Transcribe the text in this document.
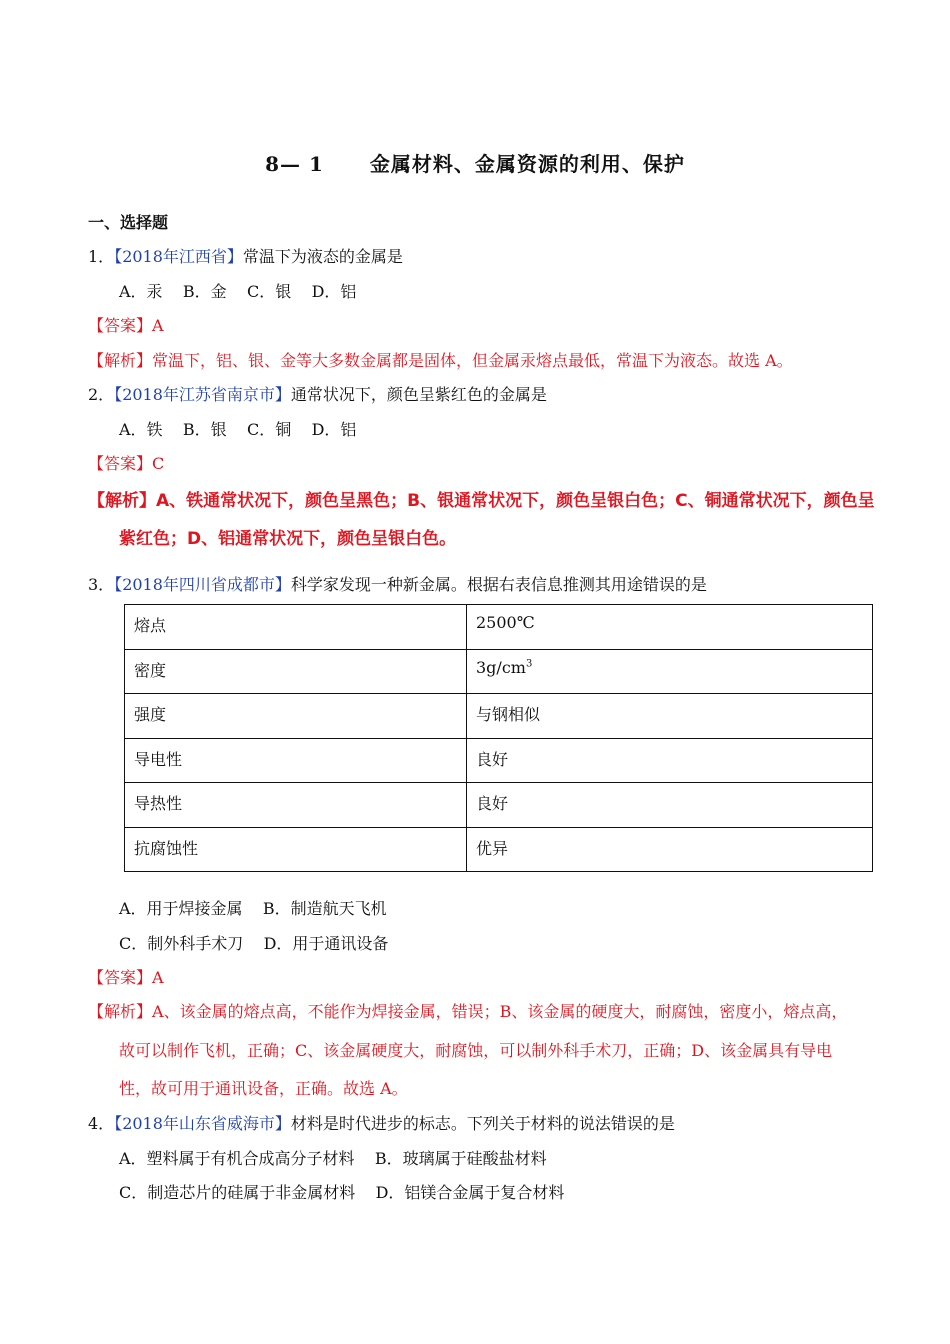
8— 1 金属材料、金属资源的利用、保护
一、选择题
1．【2018年江西省】常温下为液态的金属是
A．汞    B．金    C．银    D．铝
【答案】A
【解析】常温下，铝、银、金等大多数金属都是固体，但金属汞熔点最低，常温下为液态。故选 A。
2．【2018年江苏省南京市】通常状况下，颜色呈紫红色的金属是
A．铁    B．银    C．铜    D．铝
【答案】C
【解析】A、铁通常状况下，颜色呈黑色；B、银通常状况下，颜色呈银白色；C、铜通常状况下，颜色呈
紫红色；D、铝通常状况下，颜色呈银白色。
3．【2018年四川省成都市】科学家发现一种新金属。根据右表信息推测其用途错误的是
熔点	2500℃
密度	$3g/cm^3$
强度	与钢相似
导电性	良好
导热性	良好
抗腐蚀性	优异
A．用于焊接金属    B．制造航天飞机
C．制外科手术刀    D．用于通讯设备
【答案】A
【解析】A、该金属的熔点高，不能作为焊接金属，错误；B、该金属的硬度大，耐腐蚀，密度小，熔点高，
故可以制作飞机，正确；C、该金属硬度大，耐腐蚀，可以制外科手术刀，正确；D、该金属具有导电
性，故可用于通讯设备，正确。故选 A。
4．【2018年山东省威海市】材料是时代进步的标志。下列关于材料的说法错误的是
A．塑料属于有机合成高分子材料    B．玻璃属于硅酸盐材料
C．制造芯片的硅属于非金属材料    D．铝镁合金属于复合材料
